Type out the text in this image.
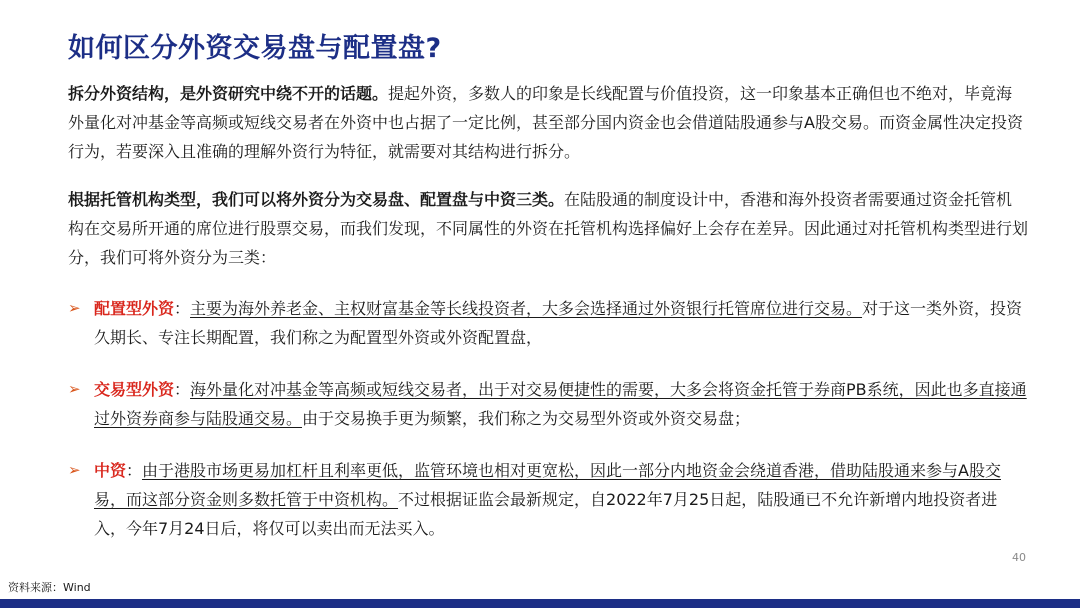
如何区分外资交易盘与配置盘?

拆分外资结构，是外资研究中绕不开的话题。提起外资，多数人的印象是长线配置与价值投资，这一印象基本正确但也不绝对，毕竟海外量化对冲基金等高频或短线交易者在外资中也占据了一定比例，甚至部分国内资金也会借道陆股通参与A股交易。而资金属性决定投资行为，若要深入且准确的理解外资行为特征，就需要对其结构进行拆分。

根据托管机构类型，我们可以将外资分为交易盘、配置盘与中资三类。在陆股通的制度设计中，香港和海外投资者需要通过资金托管机构在交易所开通的席位进行股票交易，而我们发现，不同属性的外资在托管机构选择偏好上会存在差异。因此通过对托管机构类型进行划分，我们可将外资分为三类：

➢ 配置型外资：主要为海外养老金、主权财富基金等长线投资者，大多会选择通过外资银行托管席位进行交易。对于这一类外资，投资久期长、专注长期配置，我们称之为配置型外资或外资配置盘，
➢ 交易型外资：海外量化对冲基金等高频或短线交易者，出于对交易便捷性的需要，大多会将资金托管于券商PB系统，因此也多直接通过外资券商参与陆股通交易。由于交易换手更为频繁，我们称之为交易型外资或外资交易盘；
➢ 中资：由于港股市场更易加杠杆且利率更低，监管环境也相对更宽松，因此一部分内地资金会绕道香港，借助陆股通来参与A股交易，而这部分资金则多数托管于中资机构。不过根据证监会最新规定，自2022年7月25日起，陆股通已不允许新增内地投资者进入，今年7月24日后，将仅可以卖出而无法买入。
40
资料来源：Wind
